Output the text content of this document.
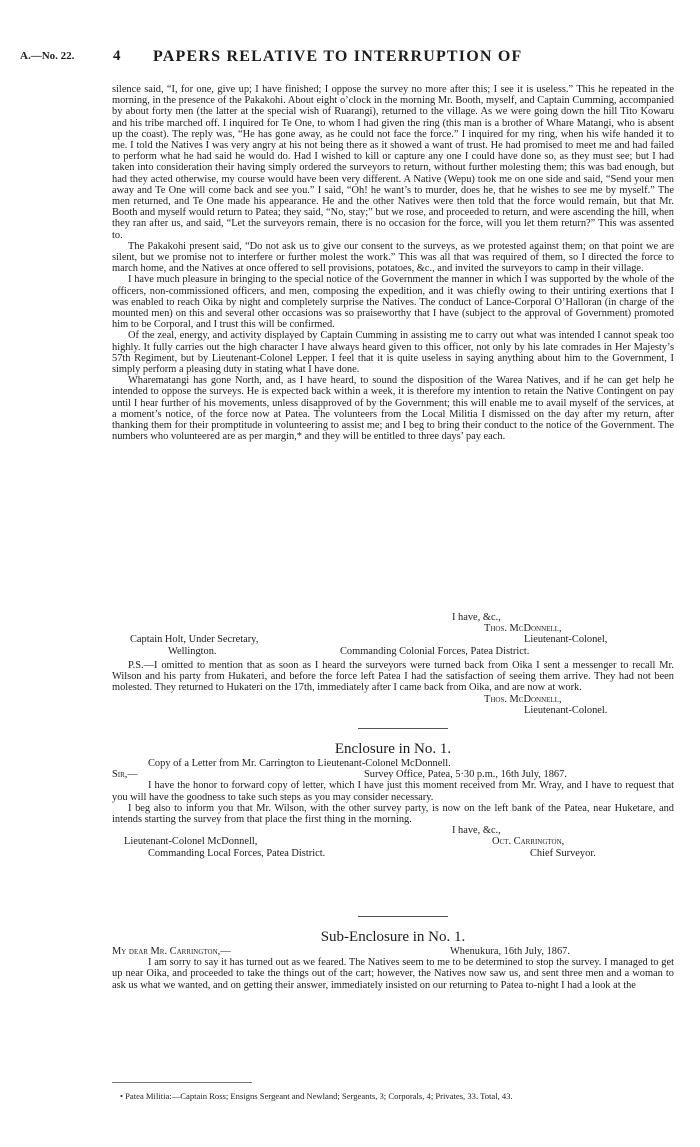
A.—No. 22.	4 PAPERS RELATIVE TO INTERRUPTION OF

silence said, “I, for one, give up; I have finished; I oppose the survey no more after this; I see it is useless.” This he repeated in the morning, in the presence of the Pakakohi. About eight o’clock in the morning Mr. Booth, myself, and Captain Cumming, accompanied by about forty men (the latter at the special wish of Ruarangi), returned to the village. As we were going down the hill Tito Kowaru and his tribe marched off. I inquired for Te One, to whom I had given the ring (this man is a brother of Whare Matangi, who is absent up the coast). The reply was, “He has gone away, as he could not face the force.” I inquired for my ring, when his wife handed it to me. I told the Natives I was very angry at his not being there as it showed a want of trust. He had promised to meet me and had failed to perform what he had said he would do. Had I wished to kill or capture any one I could have done so, as they must see; but I had taken into consideration their having simply ordered the surveyors to return, without further molesting them; this was bad enough, but had they acted otherwise, my course would have been very different. A Native (Wepu) took me on one side and said, “Send your men away and Te One will come back and see you.” I said, “Oh! he want’s to murder, does he, that he wishes to see me by myself.” The men returned, and Te One made his appearance. He and the other Natives were then told that the force would remain, but that Mr. Booth and myself would return to Patea; they said, “No, stay;” but we rose, and proceeded to return, and were ascending the hill, when they ran after us, and said, “Let the surveyors remain, there is no occasion for the force, will you let them return?” This was assented to.

The Pakakohi present said, “Do not ask us to give our consent to the surveys, as we protested against them; on that point we are silent, but we promise not to interfere or further molest the work.” This was all that was required of them, so I directed the force to march home, and the Natives at once offered to sell provisions, potatoes, &c., and invited the surveyors to camp in their village.

I have much pleasure in bringing to the special notice of the Government the manner in which I was supported by the whole of the officers, non-commissioned officers, and men, composing the expedition, and it was chiefly owing to their untiring exertions that I was enabled to reach Oika by night and completely surprise the Natives. The conduct of Lance-Corporal O’Halloran (in charge of the mounted men) on this and several other occasions was so praiseworthy that I have (subject to the approval of Government) promoted him to be Corporal, and I trust this will be confirmed.

Of the zeal, energy, and activity displayed by Captain Cumming in assisting me to carry out what was intended I cannot speak too highly. It fully carries out the high character I have always heard given to this officer, not only by his late comrades in Her Majesty’s 57th Regiment, but by Lieutenant-Colonel Lepper. I feel that it is quite useless in saying anything about him to the Government, I simply perform a pleasing duty in stating what I have done.

Wharematangi has gone North, and, as I have heard, to sound the disposition of the Warea Natives, and if he can get help he intended to oppose the surveys. He is expected back within a week, it is therefore my intention to retain the Native Contingent on pay until I hear further of his movements, unless disapproved of by the Government; this will enable me to avail myself of the services, at a moment’s notice, of the force now at Patea. The volunteers from the Local Militia I dismissed on the day after my return, after thanking them for their promptitude in volunteering to assist me; and I beg to bring their conduct to the notice of the Government. The numbers who volunteered are as per margin,* and they will be entitled to three days’ pay each.

I have, &c.,
Thos. McDonnell,
Captain Holt, Under Secretary,	Lieutenant-Colonel,
Wellington.	Commanding Colonial Forces, Patea District.

P.S.—I omitted to mention that as soon as I heard the surveyors were turned back from Oika I sent a messenger to recall Mr. Wilson and his party from Hukateri, and before the force left Patea I had the satisfaction of seeing them arrive. They had not been molested. They returned to Hukateri on the 17th, immediately after I came back from Oika, and are now at work.

Thos. McDonnell,
Lieutenant-Colonel.
Enclosure in No. 1.
Copy of a Letter from Mr. Carrington to Lieutenant-Colonel McDonnell.
Sir,—	Survey Office, Patea, 5·30 p.m., 16th July, 1867.

I have the honor to forward copy of letter, which I have just this moment received from Mr. Wray, and I have to request that you will have the goodness to take such steps as you may consider necessary.

I beg also to inform you that Mr. Wilson, with the other survey party, is now on the left bank of the Patea, near Huketare, and intends starting the survey from that place the first thing in the morning.

I have, &c.,
Lieutenant-Colonel McDonnell,	Oct. Carrington,
Commanding Local Forces, Patea District.	Chief Surveyor.
Sub-Enclosure in No. 1.
My dear Mr. Carrington,—	Whenukura, 16th July, 1867.

I am sorry to say it has turned out as we feared. The Natives seem to me to be determined to stop the survey. I managed to get up near Oika, and proceeded to take the things out of the cart; however, the Natives now saw us, and sent three men and a woman to ask us what we wanted, and on getting their answer, immediately insisted on our returning to Patea to-night I had a look at the

• Patea Militia:—Captain Ross; Ensigns Sergeant and Newland; Sergeants, 3; Corporals, 4; Privates, 33. Total, 43.
